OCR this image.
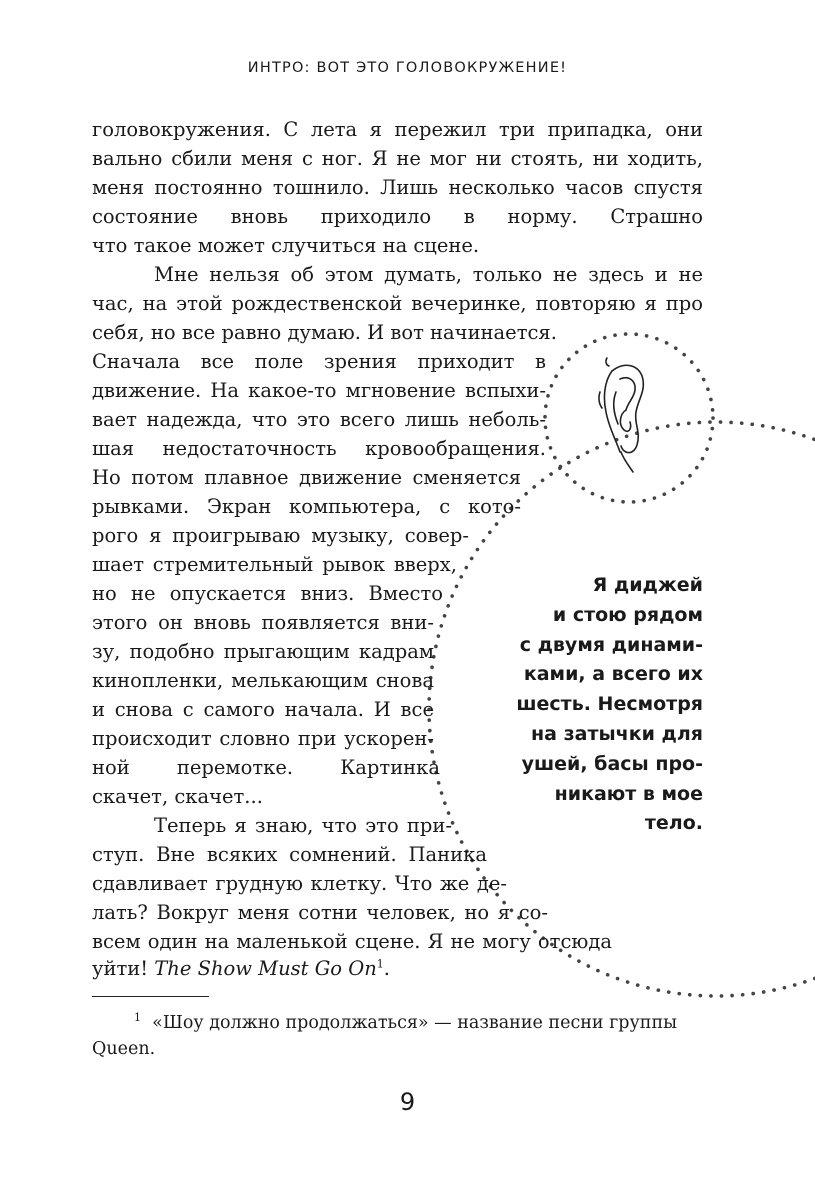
ИНТРО: ВОТ ЭТО ГОЛОВОКРУЖЕНИЕ!
головокружения. С лета я пережил три припадка, они
вально сбили меня с ног. Я не мог ни стоять, ни ходить,
меня постоянно тошнило. Лишь несколько часов спустя
состояние вновь приходило в норму. Страшно
что такое может случиться на сцене.
Мне нельзя об этом думать, только не здесь и не
час, на этой рождественской вечеринке, повторяю я про
себя, но все равно думаю. И вот начинается.
Сначала все поле зрения приходит в
движение. На какое-то мгновение вспыхи-
вает надежда, что это всего лишь неболь-
шая недостаточность кровообращения.
Но потом плавное движение сменяется
рывками. Экран компьютера, с кото-
рого я проигрываю музыку, совер-
шает стремительный рывок вверх,
но не опускается вниз. Вместо
этого он вновь появляется вни-
зу, подобно прыгающим кадрам
кинопленки, мелькающим снова
и снова с самого начала. И все
происходит словно при ускорен-
ной перемотке. Картинка
скачет, скачет...
Теперь я знаю, что это при-
ступ. Вне всяких сомнений. Паника
сдавливает грудную клетку. Что же де-
лать? Вокруг меня сотни человек, но я со-
всем один на маленькой сцене. Я не могу отсюда
уйти! The Show Must Go On$^1$.
Я диджей
и стою рядом
с двумя динами-
ками, а всего их
шесть. Несмотря
на затычки для
ушей, басы про-
никают в мое
тело.
$^1$ «Шоу должно продолжаться» — название песни группы
Queen.
9
